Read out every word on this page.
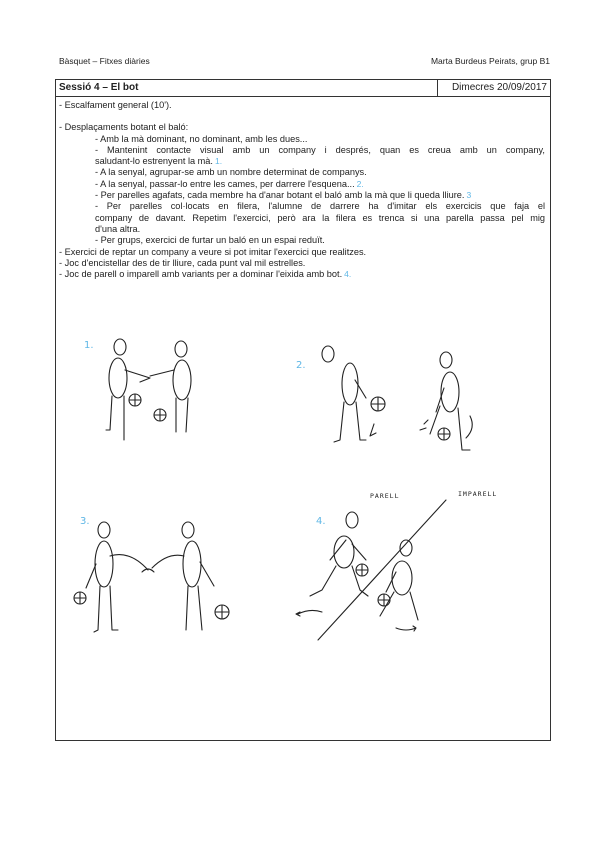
Bàsquet – Fitxes diàries	Marta Burdeus Peirats, grup B1
Sessió 4 – El bot	Dimecres 20/09/2017
- Escalfament general (10').
- Desplaçaments botant el baló:
- Amb la mà dominant, no dominant, amb les dues...
- Mantenint contacte visual amb un company i després, quan es creua amb un company,
saludant-lo estrenyent la mà. 1.
- A la senyal, agrupar-se amb un nombre determinat de companys.
- A la senyal, passar-lo entre les cames, per darrere l'esquena... 2.
- Per parelles agafats, cada membre ha d'anar botant el baló amb la mà que li queda lliure. 3
- Per parelles col·locats en filera, l'alumne de darrere ha d'imitar els exercicis que faja el
company de davant. Repetim l'exercici, però ara la filera es trenca si una parella passa pel mig
d'una altra.
- Per grups, exercici de furtar un baló en un espai reduït.
- Exercici de reptar un company a veure si pot imitar l'exercici que realitzes.
- Joc d'encistellar des de tir lliure, cada punt val mil estrelles.
- Joc de parell o imparell amb variants per a dominar l'eixida amb bot. 4.
1.
2.
3.	4.
PARELL	IMPARELL
